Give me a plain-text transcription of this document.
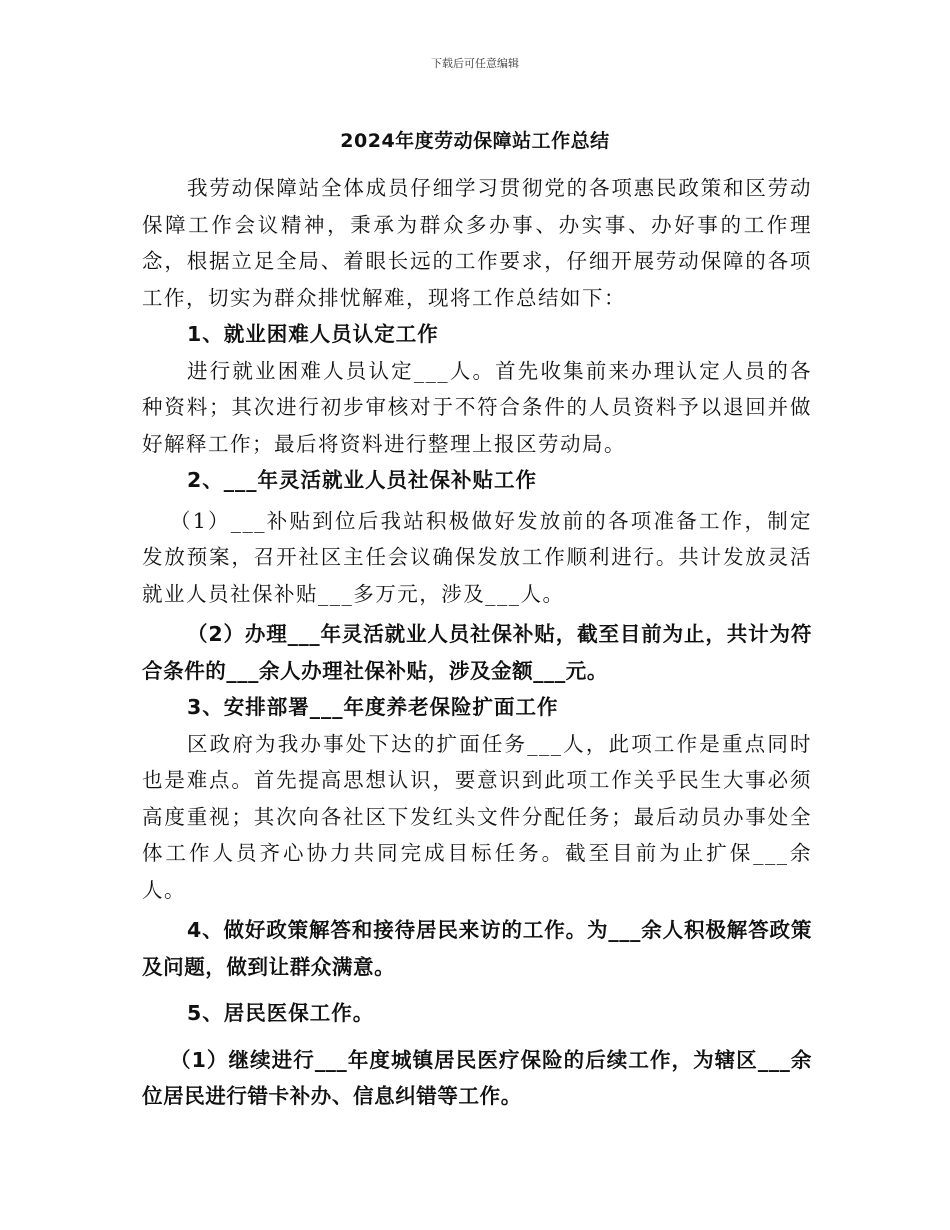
下载后可任意编辑
2024年度劳动保障站工作总结

我劳动保障站全体成员仔细学习贯彻党的各项惠民政策和区劳动保障工作会议精神，秉承为群众多办事、办实事、办好事的工作理念，根据立足全局、着眼长远的工作要求，仔细开展劳动保障的各项工作，切实为群众排忧解难，现将工作总结如下：

1、就业困难人员认定工作

进行就业困难人员认定___人。首先收集前来办理认定人员的各种资料；其次进行初步审核对于不符合条件的人员资料予以退回并做好解释工作；最后将资料进行整理上报区劳动局。

2、___年灵活就业人员社保补贴工作

（1）___补贴到位后我站积极做好发放前的各项准备工作，制定发放预案，召开社区主任会议确保发放工作顺利进行。共计发放灵活就业人员社保补贴___多万元，涉及___人。

（2）办理___年灵活就业人员社保补贴，截至目前为止，共计为符合条件的___余人办理社保补贴，涉及金额___元。

3、安排部署___年度养老保险扩面工作

区政府为我办事处下达的扩面任务___人，此项工作是重点同时也是难点。首先提高思想认识，要意识到此项工作关乎民生大事必须高度重视；其次向各社区下发红头文件分配任务；最后动员办事处全体工作人员齐心协力共同完成目标任务。截至目前为止扩保___余人。

4、做好政策解答和接待居民来访的工作。为___余人积极解答政策及问题，做到让群众满意。

5、居民医保工作。

（1）继续进行___年度城镇居民医疗保险的后续工作，为辖区___余位居民进行错卡补办、信息纠错等工作。
